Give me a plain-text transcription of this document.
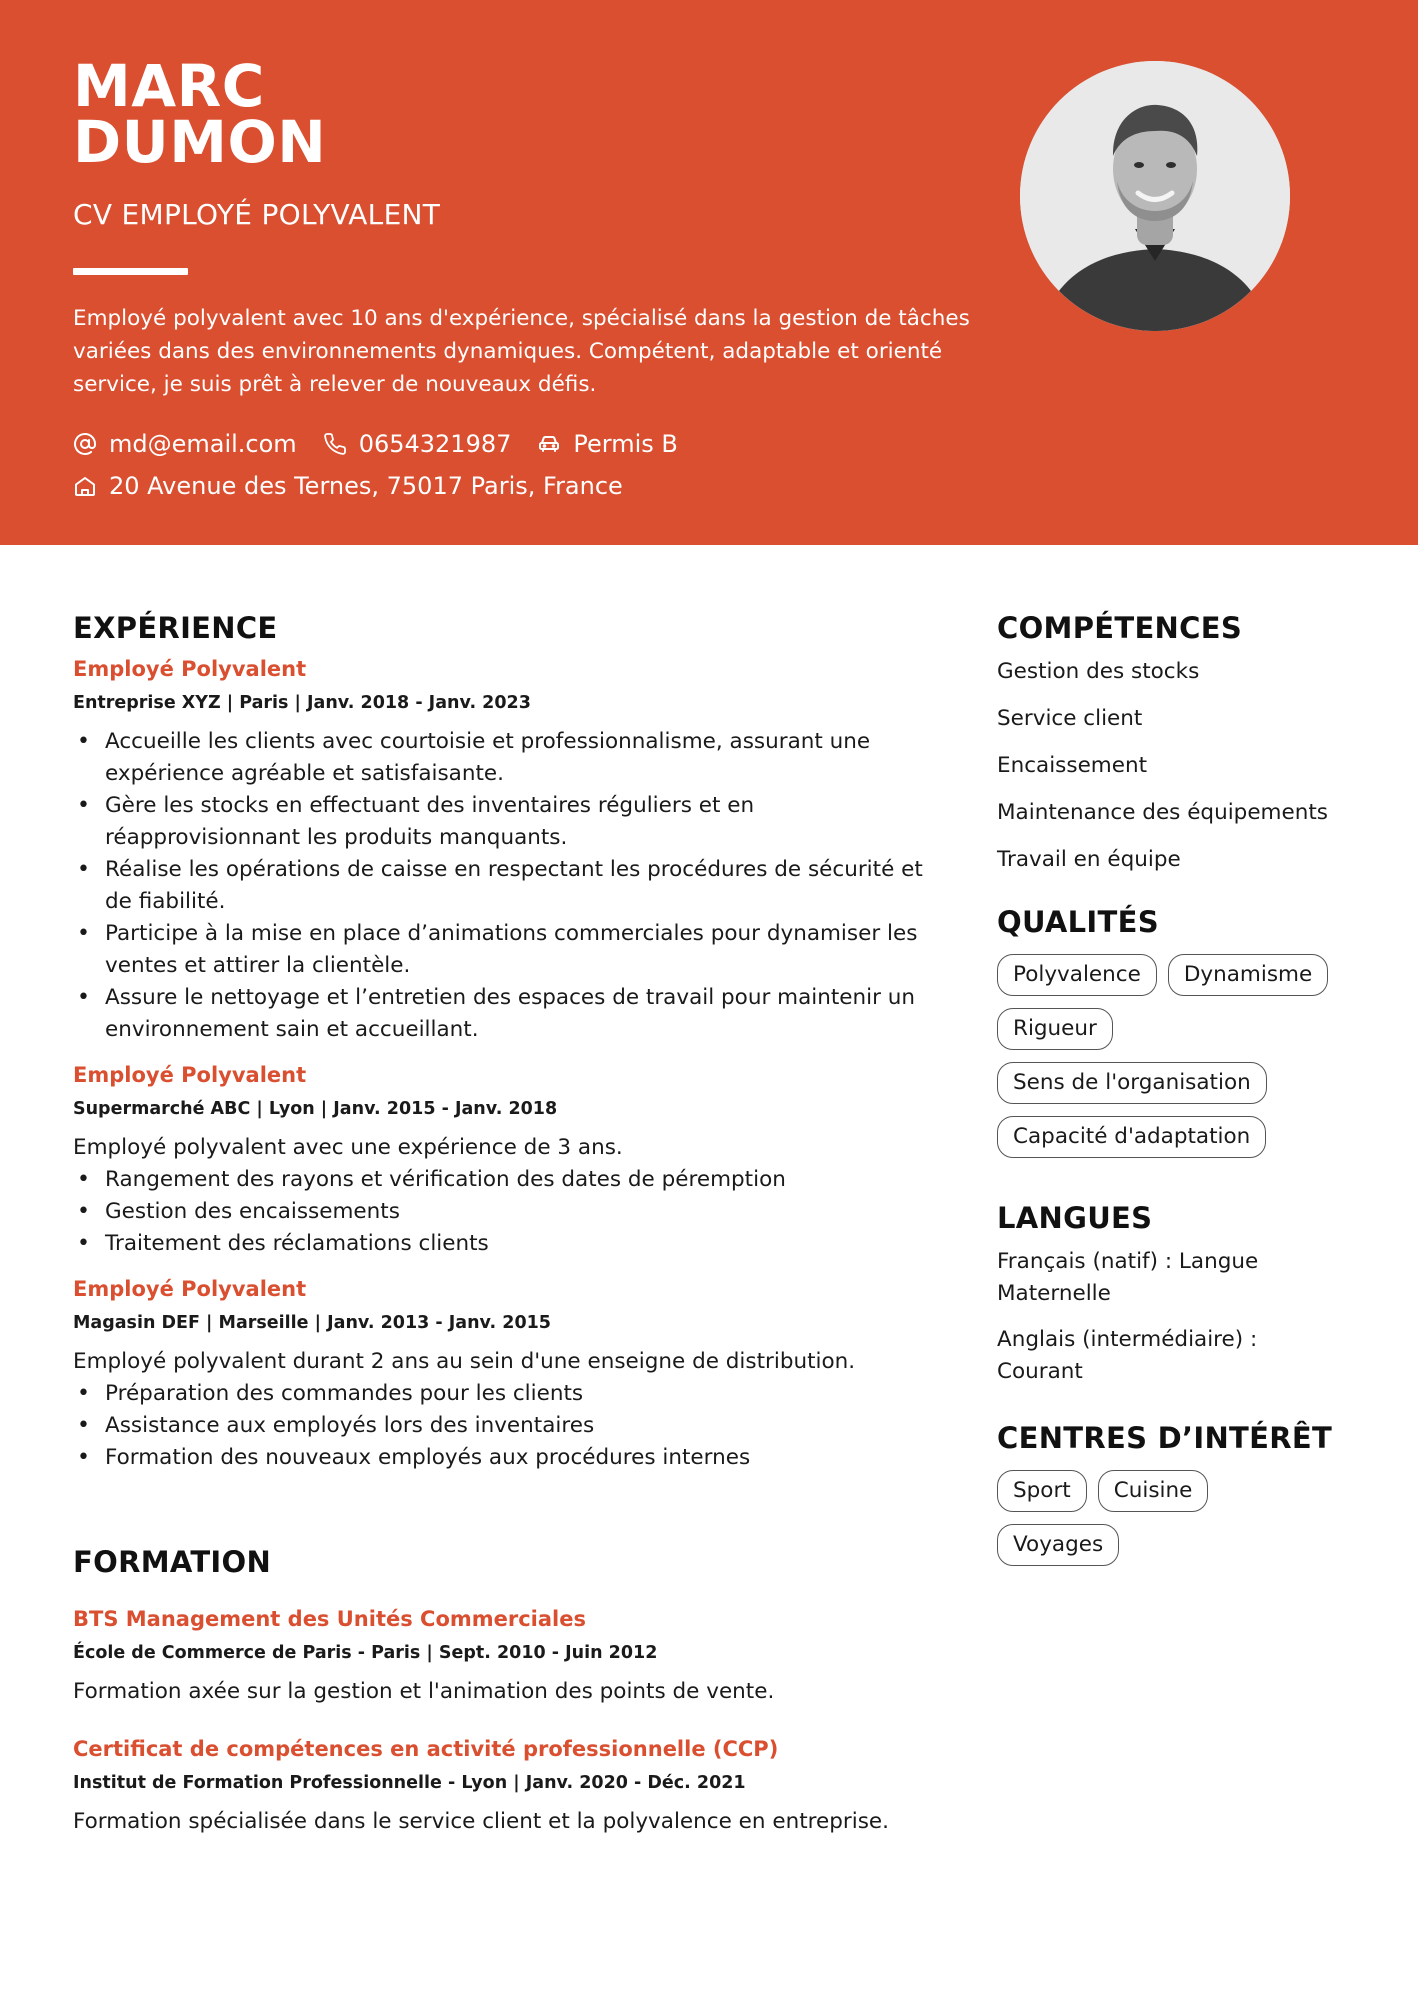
MARC
DUMON
CV EMPLOYÉ POLYVALENT
Employé polyvalent avec 10 ans d'expérience, spécialisé dans la gestion de tâches variées dans des environnements dynamiques. Compétent, adaptable et orienté service, je suis prêt à relever de nouveaux défis.
md@email.com	0654321987	Permis B
20 Avenue des Ternes, 75017 Paris, France
EXPÉRIENCE
Employé Polyvalent
Entreprise XYZ | Paris | Janv. 2018 - Janv. 2023
• Accueille les clients avec courtoisie et professionnalisme, assurant une expérience agréable et satisfaisante.
• Gère les stocks en effectuant des inventaires réguliers et en réapprovisionnant les produits manquants.
• Réalise les opérations de caisse en respectant les procédures de sécurité et de fiabilité.
• Participe à la mise en place d’animations commerciales pour dynamiser les ventes et attirer la clientèle.
• Assure le nettoyage et l’entretien des espaces de travail pour maintenir un environnement sain et accueillant.
Employé Polyvalent
Supermarché ABC | Lyon | Janv. 2015 - Janv. 2018
Employé polyvalent avec une expérience de 3 ans.
• Rangement des rayons et vérification des dates de péremption
• Gestion des encaissements
• Traitement des réclamations clients
Employé Polyvalent
Magasin DEF | Marseille | Janv. 2013 - Janv. 2015
Employé polyvalent durant 2 ans au sein d'une enseigne de distribution.
• Préparation des commandes pour les clients
• Assistance aux employés lors des inventaires
• Formation des nouveaux employés aux procédures internes
FORMATION
BTS Management des Unités Commerciales
École de Commerce de Paris - Paris | Sept. 2010 - Juin 2012
Formation axée sur la gestion et l'animation des points de vente.
Certificat de compétences en activité professionnelle (CCP)
Institut de Formation Professionnelle - Lyon | Janv. 2020 - Déc. 2021
Formation spécialisée dans le service client et la polyvalence en entreprise.
COMPÉTENCES
Gestion des stocks
Service client
Encaissement
Maintenance des équipements
Travail en équipe
QUALITÉS
Polyvalence	Dynamisme
Rigueur
Sens de l'organisation
Capacité d'adaptation
LANGUES
Français (natif) : Langue Maternelle
Anglais (intermédiaire) : Courant
CENTRES D’INTÉRÊT
Sport	Cuisine
Voyages
